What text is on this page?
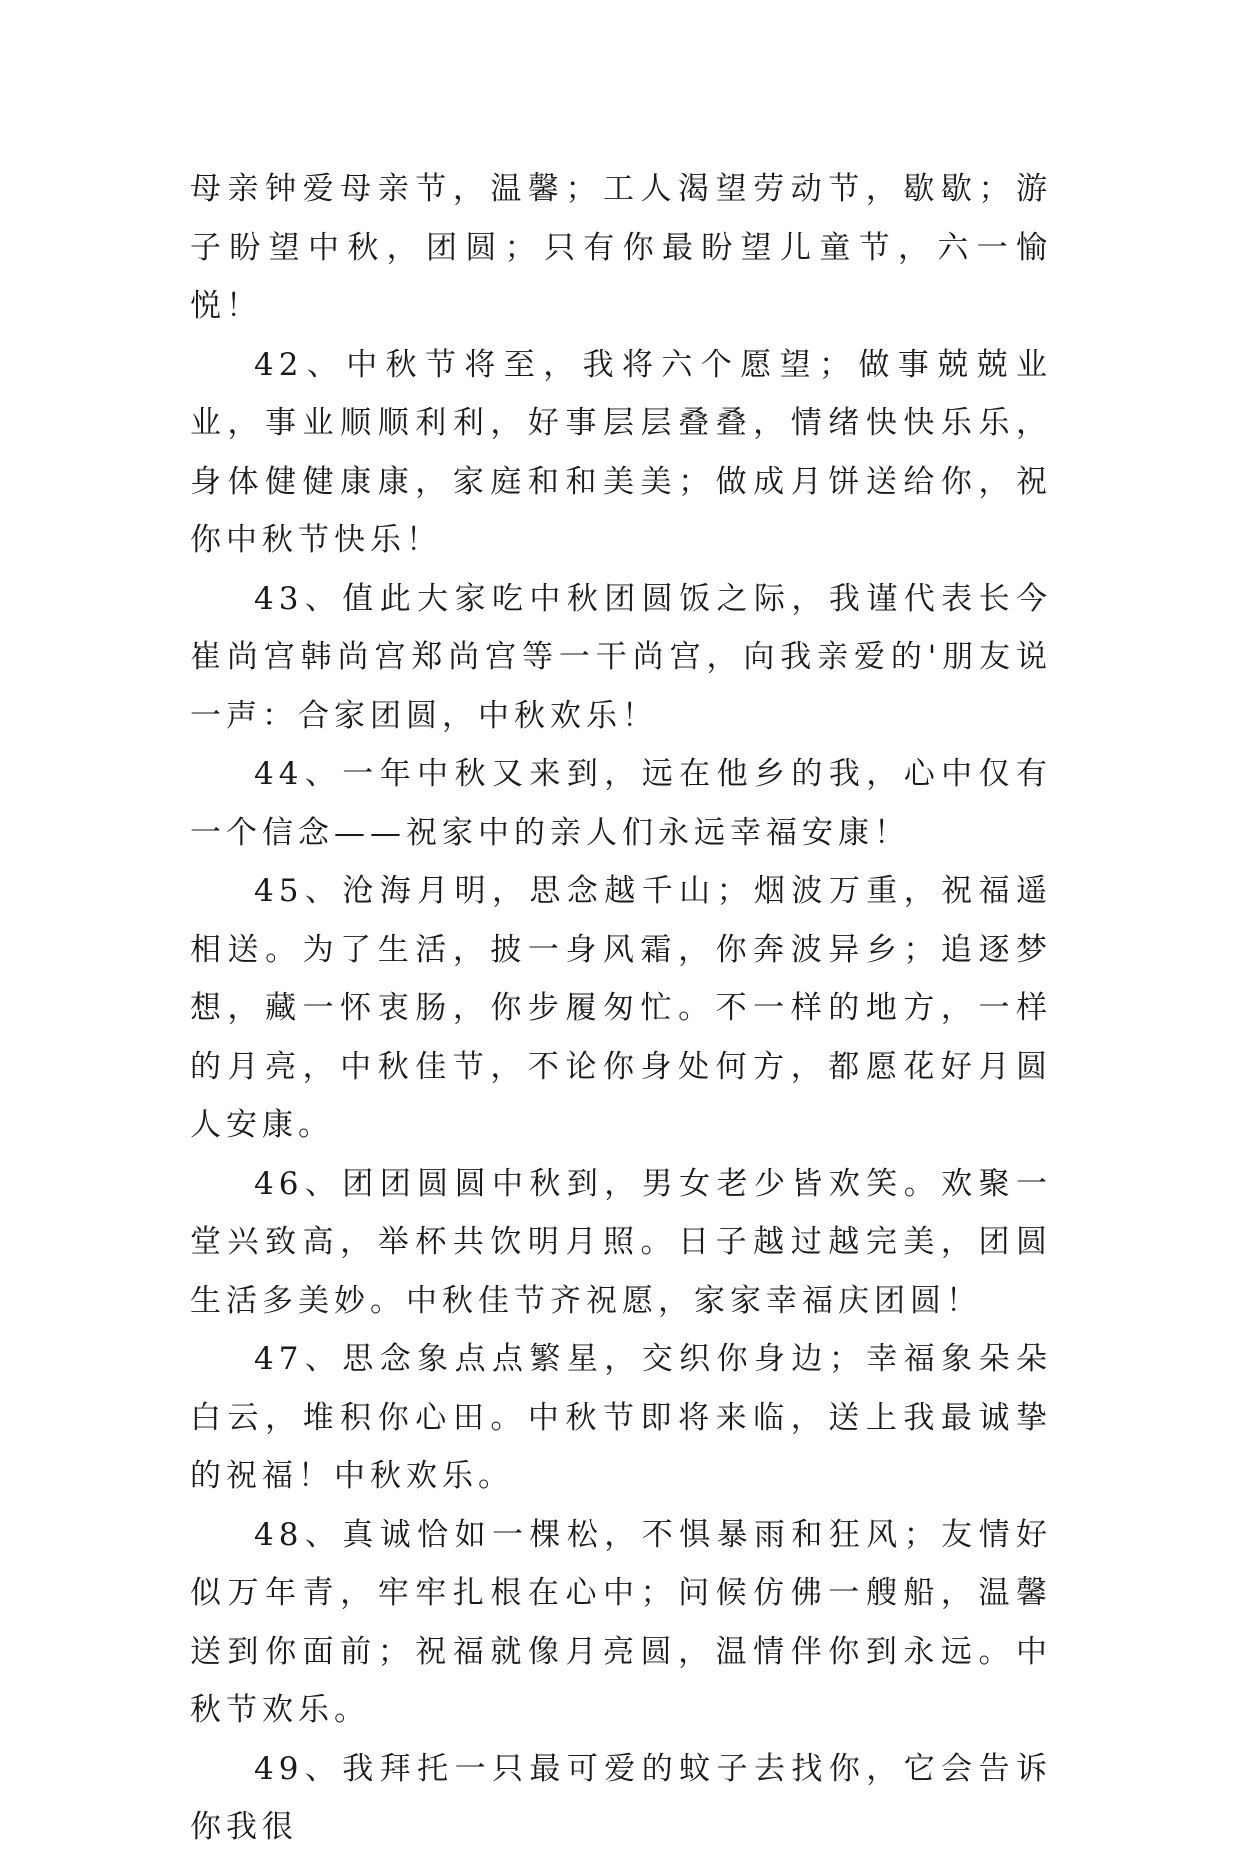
母亲钟爱母亲节，温馨；工人渴望劳动节，歇歇；游子盼望中秋，团圆；只有你最盼望儿童节，六一愉悦！

42、中秋节将至，我将六个愿望；做事兢兢业业，事业顺顺利利，好事层层叠叠，情绪快快乐乐，身体健健康康，家庭和和美美；做成月饼送给你，祝你中秋节快乐！

43、值此大家吃中秋团圆饭之际，我谨代表长今崔尚宫韩尚宫郑尚宫等一干尚宫，向我亲爱的'朋友说一声：合家团圆，中秋欢乐！

44、一年中秋又来到，远在他乡的我，心中仅有一个信念——祝家中的亲人们永远幸福安康！

45、沧海月明，思念越千山；烟波万重，祝福遥相送。为了生活，披一身风霜，你奔波异乡；追逐梦想，藏一怀衷肠，你步履匆忙。不一样的地方，一样的月亮，中秋佳节，不论你身处何方，都愿花好月圆人安康。

46、团团圆圆中秋到，男女老少皆欢笑。欢聚一堂兴致高，举杯共饮明月照。日子越过越完美，团圆生活多美妙。中秋佳节齐祝愿，家家幸福庆团圆！

47、思念象点点繁星，交织你身边；幸福象朵朵白云，堆积你心田。中秋节即将来临，送上我最诚挚的祝福！中秋欢乐。

48、真诚恰如一棵松，不惧暴雨和狂风；友情好似万年青，牢牢扎根在心中；问候仿佛一艘船，温馨送到你面前；祝福就像月亮圆，温情伴你到永远。中秋节欢乐。

49、我拜托一只最可爱的蚊子去找你，它会告诉你我很
